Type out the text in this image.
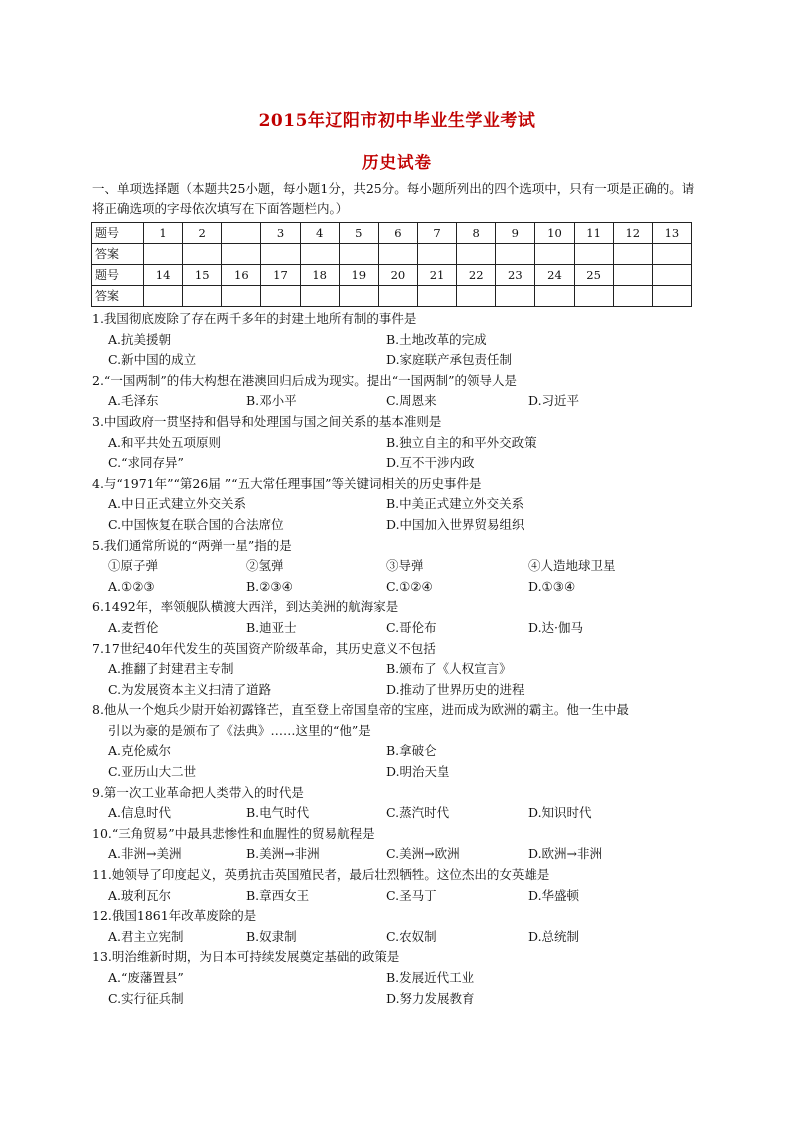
2015年辽阳市初中毕业生学业考试
历史试卷
一、单项选择题（本题共25小题，每小题1分，共25分。每小题所列出的四个选项中，只有一项是正确的。请将正确选项的字母依次填写在下面答题栏内。）
题号	1	2		3	4	5	6	7	8	9	10	11	12	13
答案														
题号	14	15	16	17	18	19	20	21	22	23	24	25		
答案														
1.我国彻底废除了存在两千多年的封建土地所有制的事件是
A.抗美援朝	B.土地改革的完成
C.新中国的成立	D.家庭联产承包责任制
2.“一国两制”的伟大构想在港澳回归后成为现实。提出“一国两制”的领导人是
A.毛泽东	B.邓小平	C.周恩来	D.习近平
3.中国政府一贯坚持和倡导和处理国与国之间关系的基本准则是
A.和平共处五项原则	B.独立自主的和平外交政策
C.“求同存异”	D.互不干涉内政
4.与“1971年”“第26届 ”“五大常任理事国”等关键词相关的历史事件是
A.中日正式建立外交关系	B.中美正式建立外交关系
C.中国恢复在联合国的合法席位	D.中国加入世界贸易组织
5.我们通常所说的“两弹一星”指的是
①原子弹	②氢弹	③导弹	④人造地球卫星
A.①②③	B.②③④	C.①②④	D.①③④
6.1492年，率领舰队横渡大西洋，到达美洲的航海家是
A.麦哲伦	B.迪亚士	C.哥伦布	D.达·伽马
7.17世纪40年代发生的英国资产阶级革命，其历史意义不包括
A.推翻了封建君主专制	B.颁布了《人权宣言》
C.为发展资本主义扫清了道路	D.推动了世界历史的进程
8.他从一个炮兵少尉开始初露锋芒，直至登上帝国皇帝的宝座，进而成为欧洲的霸主。他一生中最
引以为豪的是颁布了《法典》……这里的“他”是
A.克伦威尔	B.拿破仑
C.亚历山大二世	D.明治天皇
9.第一次工业革命把人类带入的时代是
A.信息时代	B.电气时代	C.蒸汽时代	D.知识时代
10.“三角贸易”中最具悲惨性和血腥性的贸易航程是
A.非洲→美洲	B.美洲→非洲	C.美洲→欧洲	D.欧洲→非洲
11.她领导了印度起义，英勇抗击英国殖民者，最后壮烈牺牲。这位杰出的女英雄是
A.玻利瓦尔	B.章西女王	C.圣马丁	D.华盛顿
12.俄国1861年改革废除的是
A.君主立宪制	B.奴隶制	C.农奴制	D.总统制
13.明治维新时期，为日本可持续发展奠定基础的政策是
A.“废藩置县”	B.发展近代工业
C.实行征兵制	D.努力发展教育
